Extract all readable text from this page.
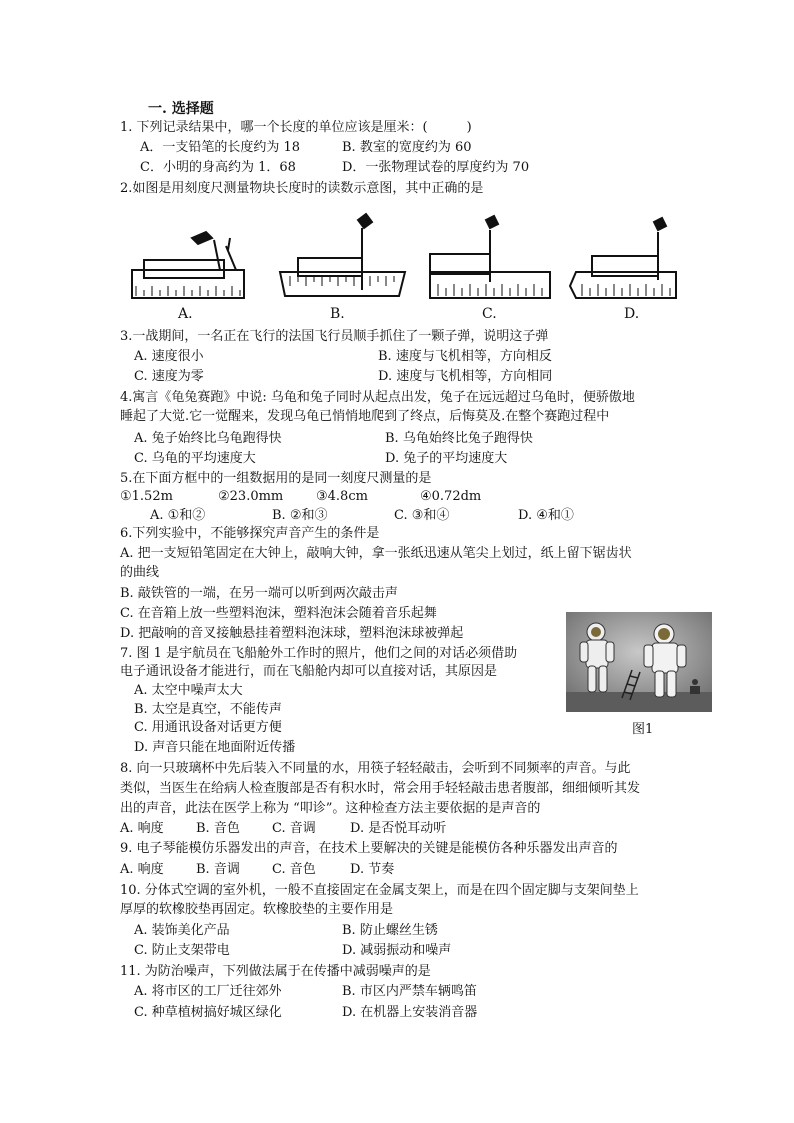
一. 选择题
1. 下列记录结果中，哪一个长度的单位应该是厘米：(　　　)
A．一支铅笔的长度约为 18	B. 教室的宽度约为 60
C．小明的身高约为 1．68	D．一张物理试卷的厚度约为 70
2.如图是用刻度尺测量物块长度时的读数示意图，其中正确的是
A.	B.	C.	D.
3.一战期间，一名正在飞行的法国飞行员顺手抓住了一颗子弹，说明这子弹
A. 速度很小	B. 速度与飞机相等，方向相反
C. 速度为零	D. 速度与飞机相等，方向相同
4.寓言《龟兔赛跑》中说: 乌龟和兔子同时从起点出发，兔子在远远超过乌龟时，便骄傲地
睡起了大觉.它一觉醒来，发现乌龟已悄悄地爬到了终点，后悔莫及.在整个赛跑过程中
A. 兔子始终比乌龟跑得快	B. 乌龟始终比兔子跑得快
C. 乌龟的平均速度大	D. 兔子的平均速度大
5.在下面方框中的一组数据用的是同一刻度尺测量的是
①1.52m	②23.0mm	③4.8cm	④0.72dm
A. ①和②	B. ②和③	C. ③和④	D. ④和①
6.下列实验中，不能够探究声音产生的条件是
A. 把一支短铅笔固定在大钟上，敲响大钟，拿一张纸迅速从笔尖上划过，纸上留下锯齿状
的曲线
B. 敲铁管的一端，在另一端可以听到两次敲击声
C. 在音箱上放一些塑料泡沫，塑料泡沫会随着音乐起舞
D. 把敲响的音叉接触悬挂着塑料泡沫球，塑料泡沫球被弹起
图1
7. 图 1 是宇航员在飞船舱外工作时的照片，他们之间的对话必须借助
电子通讯设备才能进行，而在飞船舱内却可以直接对话，其原因是
A. 太空中噪声太大
B. 太空是真空，不能传声
C. 用通讯设备对话更方便
D. 声音只能在地面附近传播
8. 向一只玻璃杯中先后装入不同量的水，用筷子轻轻敲击，会听到不同频率的声音。与此
类似，当医生在给病人检查腹部是否有积水时，常会用手轻轻敲击患者腹部，细细倾听其发
出的声音，此法在医学上称为 “叩诊”。这种检查方法主要依据的是声音的
A. 响度 B. 音色 C. 音调	D. 是否悦耳动听
9. 电子琴能模仿乐器发出的声音，在技术上要解决的关键是能模仿各种乐器发出声音的
A. 响度 B. 音调 C. 音色	D. 节奏
10. 分体式空调的室外机，一般不直接固定在金属支架上，而是在四个固定脚与支架间垫上
厚厚的软橡胶垫再固定。软橡胶垫的主要作用是
A. 装饰美化产品	B. 防止螺丝生锈
C. 防止支架带电	D. 减弱振动和噪声
11. 为防治噪声，下列做法属于在传播中减弱噪声的是
A. 将市区的工厂迁往郊外	B. 市区内严禁车辆鸣笛
C. 种草植树搞好城区绿化	D. 在机器上安装消音器
